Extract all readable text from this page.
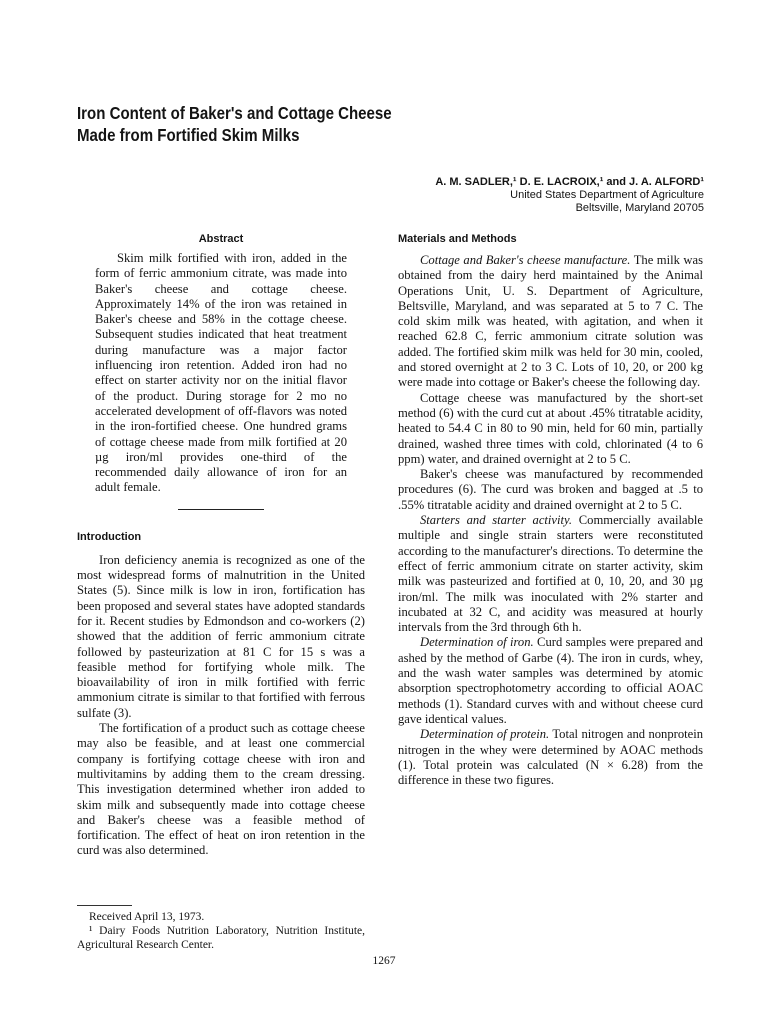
Iron Content of Baker's and Cottage Cheese
Made from Fortified Skim Milks
A. M. SADLER,¹ D. E. LACROIX,¹ and J. A. ALFORD¹
United States Department of Agriculture
Beltsville, Maryland 20705
Abstract

Skim milk fortified with iron, added in the form of ferric ammonium citrate, was made into Baker's cheese and cottage cheese. Approximately 14% of the iron was retained in Baker's cheese and 58% in the cottage cheese. Subsequent studies indicated that heat treatment during manufacture was a major factor influencing iron retention. Added iron had no effect on starter activity nor on the initial flavor of the product. During storage for 2 mo no accelerated development of off-flavors was noted in the iron-fortified cheese. One hundred grams of cottage cheese made from milk fortified at 20 µg iron/ml provides one-third of the recommended daily allowance of iron for an adult female.

Introduction

Iron deficiency anemia is recognized as one of the most widespread forms of malnutrition in the United States (5). Since milk is low in iron, fortification has been proposed and several states have adopted standards for it. Recent studies by Edmondson and co-workers (2) showed that the addition of ferric ammonium citrate followed by pasteurization at 81 C for 15 s was a feasible method for fortifying whole milk. The bioavailability of iron in milk fortified with ferric ammonium citrate is similar to that fortified with ferrous sulfate (3).

The fortification of a product such as cottage cheese may also be feasible, and at least one commercial company is fortifying cottage cheese with iron and multivitamins by adding them to the cream dressing. This investigation determined whether iron added to skim milk and subsequently made into cottage cheese and Baker's cheese was a feasible method of fortification. The effect of heat on iron retention in the curd was also determined.

Received April 13, 1973.

¹ Dairy Foods Nutrition Laboratory, Nutrition Institute, Agricultural Research Center.

Materials and Methods

Cottage and Baker's cheese manufacture. The milk was obtained from the dairy herd maintained by the Animal Operations Unit, U. S. Department of Agriculture, Beltsville, Maryland, and was separated at 5 to 7 C. The cold skim milk was heated, with agitation, and when it reached 62.8 C, ferric ammonium citrate solution was added. The fortified skim milk was held for 30 min, cooled, and stored overnight at 2 to 3 C. Lots of 10, 20, or 200 kg were made into cottage or Baker's cheese the following day.

Cottage cheese was manufactured by the short-set method (6) with the curd cut at about .45% titratable acidity, heated to 54.4 C in 80 to 90 min, held for 60 min, partially drained, washed three times with cold, chlorinated (4 to 6 ppm) water, and drained overnight at 2 to 5 C.

Baker's cheese was manufactured by recommended procedures (6). The curd was broken and bagged at .5 to .55% titratable acidity and drained overnight at 2 to 5 C.

Starters and starter activity. Commercially available multiple and single strain starters were reconstituted according to the manufacturer's directions. To determine the effect of ferric ammonium citrate on starter activity, skim milk was pasteurized and fortified at 0, 10, 20, and 30 µg iron/ml. The milk was inoculated with 2% starter and incubated at 32 C, and acidity was measured at hourly intervals from the 3rd through 6th h.

Determination of iron. Curd samples were prepared and ashed by the method of Garbe (4). The iron in curds, whey, and the wash water samples was determined by atomic absorption spectrophotometry according to official AOAC methods (1). Standard curves with and without cheese curd gave identical values.

Determination of protein. Total nitrogen and nonprotein nitrogen in the whey were determined by AOAC methods (1). Total protein was calculated (N × 6.28) from the difference in these two figures.

1267
